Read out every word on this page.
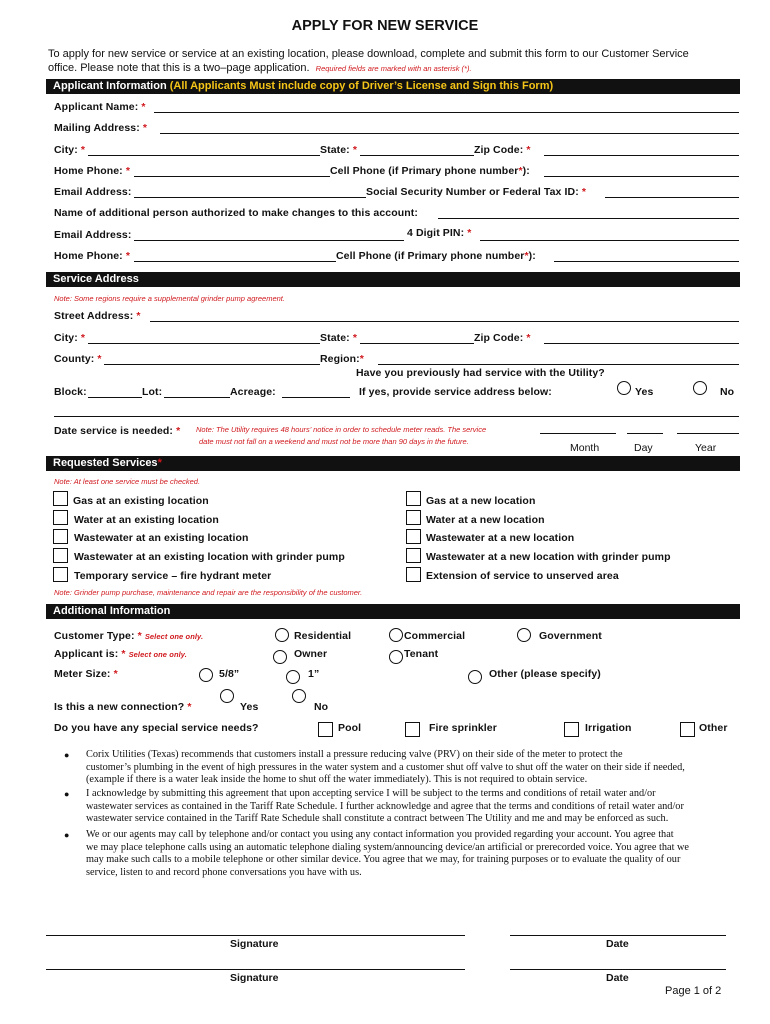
APPLY FOR NEW SERVICE
To apply for new service or service at an existing location, please download, complete and submit this form to our Customer Service
office. Please note that this is a two–page application. Required fields are marked with an asterisk (*).
Applicant Information (All Applicants Must include copy of Driver’s License and Sign this Form)
Applicant Name: *
Mailing Address: *
City: *	State: *	Zip Code: *
Home Phone: *	Cell Phone (if Primary phone number*):
Email Address:	Social Security Number or Federal Tax ID: *
Name of additional person authorized to make changes to this account:
Email Address:	4 Digit PIN: *
Home Phone: *	Cell Phone (if Primary phone number*):
Service Address
Note: Some regions require a supplemental grinder pump agreement.
Street Address: *
City: *	State: *	Zip Code: *
County: *	Region:*
Have you previously had service with the Utility?
Block:	Lot:	Acreage:	If yes, provide service address below:	Yes	No
Date service is needed: * Note: The Utility requires 48 hours’ notice in order to schedule meter reads. The service
date must not fall on a weekend and must not be more than 90 days in the future.
Month	Day	Year
Requested Services*
Note: At least one service must be checked.
Gas at an existing location
Water at an existing location
Wastewater at an existing location
Wastewater at an existing location with grinder pump
Temporary service – fire hydrant meter
Gas at a new location
Water at a new location
Wastewater at a new location
Wastewater at a new location with grinder pump
Extension of service to unserved area
Note: Grinder pump purchase, maintenance and repair are the responsibility of the customer.
Additional Information
Customer Type: * Select one only.	Residential	Commercial	Government
Applicant is: * Select one only.	Owner	Tenant
Meter Size: *	5/8”	1”	Other (please specify)
Is this a new connection? *	Yes	No
Do you have any special service needs?	Pool	Fire sprinkler	Irrigation	Other
● Corix Utilities (Texas) recommends that customers install a pressure reducing valve (PRV) on their side of the meter to protect the
customer’s plumbing in the event of high pressures in the water system and a customer shut off valve to shut off the water on their side if needed,
(example if there is a water leak inside the home to shut off the water immediately). This is not required to obtain service.
● I acknowledge by submitting this agreement that upon accepting service I will be subject to the terms and conditions of retail water and/or
wastewater services as contained in the Tariff Rate Schedule. I further acknowledge and agree that the terms and conditions of retail water and/or
wastewater service contained in the Tariff Rate Schedule shall constitute a contract between The Utility and me and may be enforced as such.
● We or our agents may call by telephone and/or contact you using any contact information you provided regarding your account. You agree that
we may place telephone calls using an automatic telephone dialing system/announcing device/an artificial or prerecorded voice. You agree that we
may make such calls to a mobile telephone or other similar device. You agree that we may, for training purposes or to evaluate the quality of our
service, listen to and record phone conversations you have with us.
Signature	Date
Signature	Date
Page 1 of 2
